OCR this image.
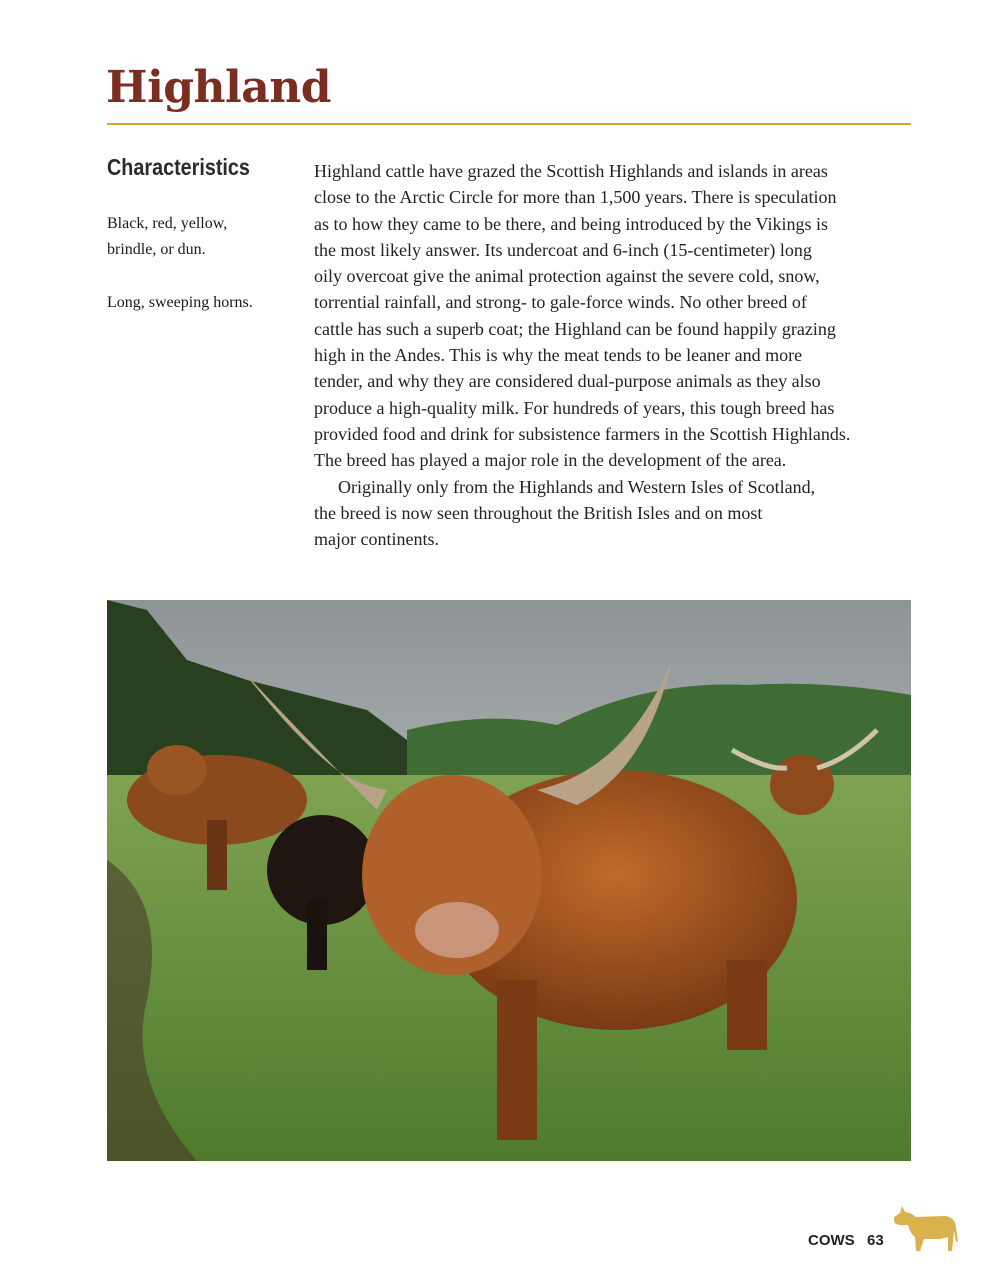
Highland
Characteristics
Black, red, yellow,
brindle, or dun.
Long, sweeping horns.
Highland cattle have grazed the Scottish Highlands and islands in areas
close to the Arctic Circle for more than 1,500 years. There is speculation
as to how they came to be there, and being introduced by the Vikings is
the most likely answer. Its undercoat and 6-inch (15-centimeter) long
oily overcoat give the animal protection against the severe cold, snow,
torrential rainfall, and strong- to gale-force winds. No other breed of
cattle has such a superb coat; the Highland can be found happily grazing
high in the Andes. This is why the meat tends to be leaner and more
tender, and why they are considered dual-purpose animals as they also
produce a high-quality milk. For hundreds of years, this tough breed has
provided food and drink for subsistence farmers in the Scottish Highlands.
The breed has played a major role in the development of the area.
Originally only from the Highlands and Western Isles of Scotland,
the breed is now seen throughout the British Isles and on most
major continents.
COWS 63
